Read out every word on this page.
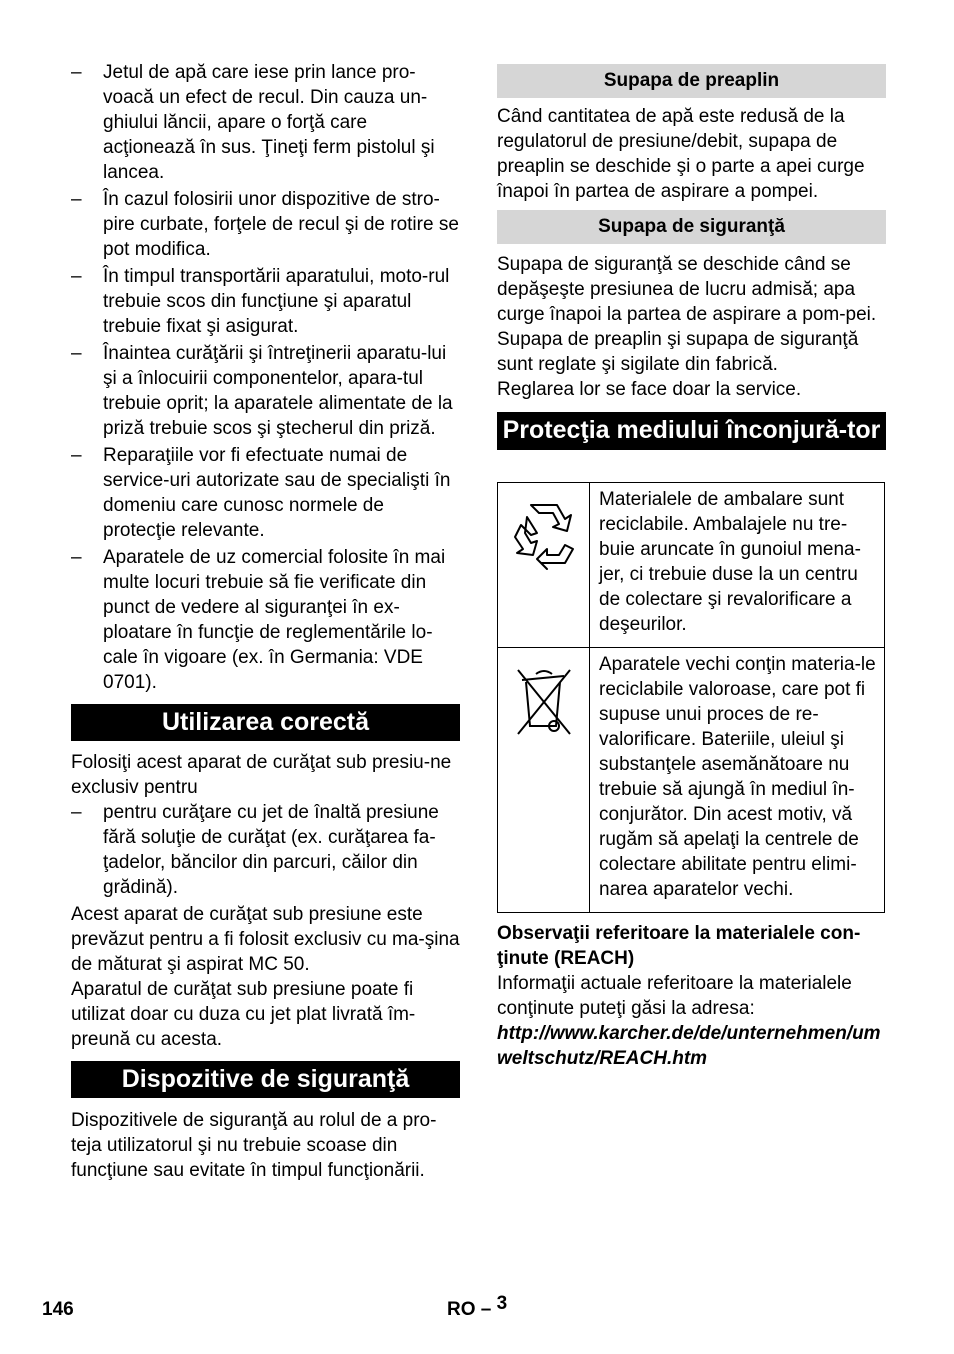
– Jetul de apă care iese prin lance pro-voacă un efect de recul. Din cauza un-ghiului lăncii, apare o forţă care acţionează în sus. Ţineţi ferm pistolul şi lancea.
– În cazul folosirii unor dispozitive de stro-pire curbate, forţele de recul şi de rotire se pot modifica.
– În timpul transportării aparatului, moto-rul trebuie scos din funcţiune şi aparatul trebuie fixat şi asigurat.
– Înaintea curăţării şi întreţinerii aparatu-lui şi a înlocuirii componentelor, apara-tul trebuie oprit; la aparatele alimentate de la priză trebuie scos şi ştecherul din priză.
– Reparaţiile vor fi efectuate numai de service-uri autorizate sau de specialişti în domeniu care cunosc normele de protecţie relevante.
– Aparatele de uz comercial folosite în mai multe locuri trebuie să fie verificate din punct de vedere al siguranţei în ex-ploatare în funcţie de reglementările lo-cale în vigoare (ex. în Germania: VDE 0701).
Utilizarea corectă

Folosiţi acest aparat de curăţat sub presiu-ne exclusiv pentru

– pentru curăţare cu jet de înaltă presiune fără soluţie de curăţat (ex. curăţarea fa-ţadelor, băncilor din parcuri, căilor din grădină).

Acest aparat de curăţat sub presiune este prevăzut pentru a fi folosit exclusiv cu ma-şina de măturat şi aspirat MC 50.

Aparatul de curăţat sub presiune poate fi utilizat doar cu duza cu jet plat livrată îm-preună cu acesta.

Dispozitive de siguranţă

Dispozitivele de siguranţă au rolul de a pro-teja utilizatorul şi nu trebuie scoase din funcţiune sau evitate în timpul funcţionării.

Supapa de preaplin

Când cantitatea de apă este redusă de la regulatorul de presiune/debit, supapa de preaplin se deschide şi o parte a apei curge înapoi în partea de aspirare a pompei.

Supapa de siguranţă

Supapa de siguranţă se deschide când se depăşeşte presiunea de lucru admisă; apa curge înapoi la partea de aspirare a pom-pei.

Supapa de preaplin şi supapa de siguranţă sunt reglate şi sigilate din fabrică.

Reglarea lor se face doar la service.

Protecţia mediului înconjură-tor
	Materialele de ambalare sunt reciclabile. Ambalajele nu tre-buie aruncate în gunoiul mena-jer, ci trebuie duse la un centru de colectare şi revalorificare a deşeurilor.
	Aparatele vechi conţin materia-le reciclabile valoroase, care pot fi supuse unui proces de re-valorificare. Bateriile, uleiul şi substanţele asemănătoare nu trebuie să ajungă în mediul în-conjurător. Din acest motiv, vă rugăm să apelaţi la centrele de colectare abilitate pentru elimi-narea aparatelor vechi.

Observaţii referitoare la materialele con-ţinute (REACH)

Informaţii actuale referitoare la materialele conţinute puteţi găsi la adresa:

http://www.karcher.de/de/unternehmen/umweltschutz/REACH.htm

146	RO – 3
